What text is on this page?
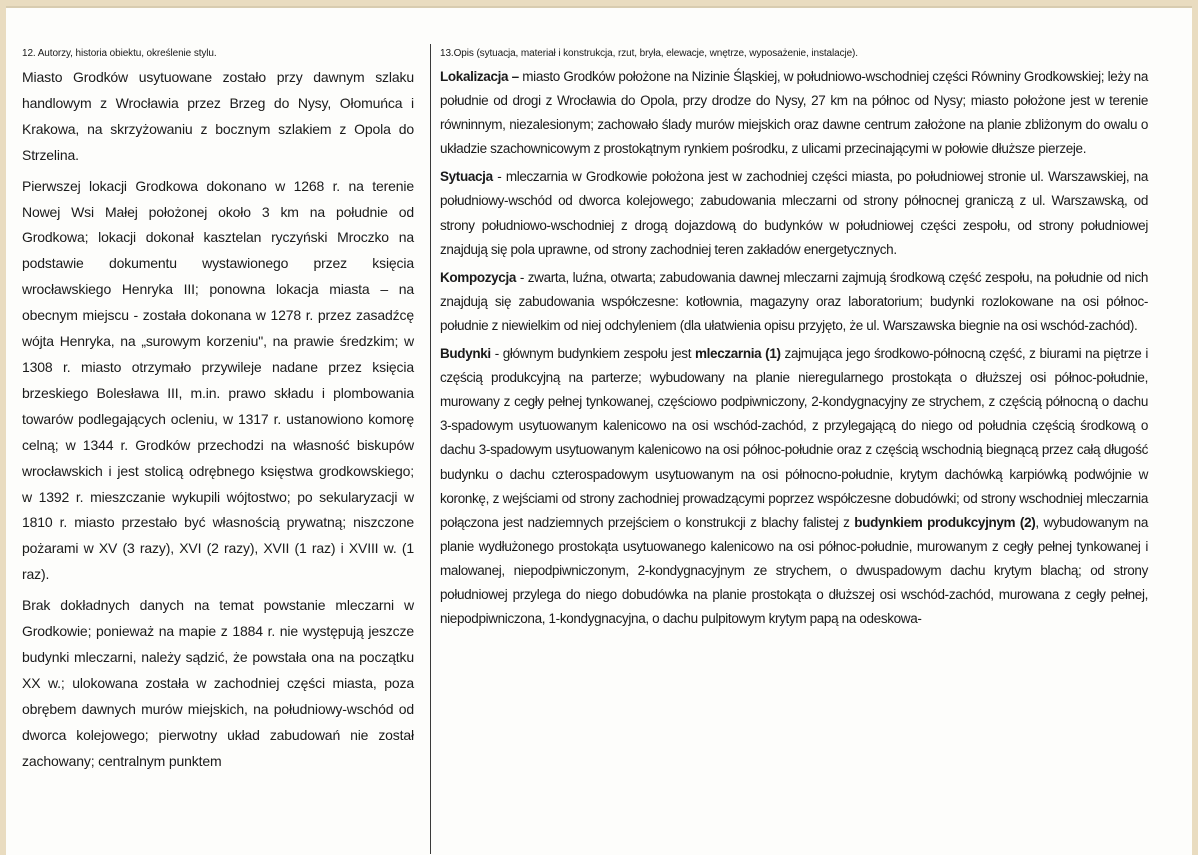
12. Autorzy, historia obiektu, określenie stylu.

Miasto Grodków usytuowane zostało przy dawnym szlaku handlowym z Wrocławia przez Brzeg do Nysy, Ołomuńca i Krakowa, na skrzyżowaniu z bocznym szlakiem z Opola do Strzelina.

Pierwszej lokacji Grodkowa dokonano w 1268 r. na terenie Nowej Wsi Małej położonej około 3 km na południe od Grodkowa; lokacji dokonał kasztelan ryczyński Mroczko na podstawie dokumentu wystawionego przez księcia wrocławskiego Henryka III; ponowna lokacja miasta – na obecnym miejscu - została dokonana w 1278 r. przez zasadźcę wójta Henryka, na „surowym korzeniu", na prawie średzkim; w 1308 r. miasto otrzymało przywileje nadane przez księcia brzeskiego Bolesława III, m.in. prawo składu i plombowania towarów podlegających ocleniu, w 1317 r. ustanowiono komorę celną; w 1344 r. Grodków przechodzi na własność biskupów wrocławskich i jest stolicą odrębnego księstwa grodkowskiego; w 1392 r. mieszczanie wykupili wójtostwo; po sekularyzacji w 1810 r. miasto przestało być własnością prywatną; niszczone pożarami w XV (3 razy), XVI (2 razy), XVII (1 raz) i XVIII w. (1 raz).

Brak dokładnych danych na temat powstanie mleczarni w Grodkowie; ponieważ na mapie z 1884 r. nie występują jeszcze budynki mleczarni, należy sądzić, że powstała ona na początku XX w.; ulokowana została w zachodniej części miasta, poza obrębem dawnych murów miejskich, na południowy-wschód od dworca kolejowego; pierwotny układ zabudowań nie został zachowany; centralnym punktem

13.Opis (sytuacja, materiał i konstrukcja, rzut, bryła, elewacje, wnętrze, wyposażenie, instalacje).

Lokalizacja – miasto Grodków położone na Nizinie Śląskiej, w południowo-wschodniej części Równiny Grodkowskiej; leży na południe od drogi z Wrocławia do Opola, przy drodze do Nysy, 27 km na północ od Nysy; miasto położone jest w terenie równinnym, niezalesionym; zachowało ślady murów miejskich oraz dawne centrum założone na planie zbliżonym do owalu o układzie szachownicowym z prostokątnym rynkiem pośrodku, z ulicami przecinającymi w połowie dłuższe pierzeje.

Sytuacja - mleczarnia w Grodkowie położona jest w zachodniej części miasta, po południowej stronie ul. Warszawskiej, na południowy-wschód od dworca kolejowego; zabudowania mleczarni od strony północnej graniczą z ul. Warszawską, od strony południowo-wschodniej z drogą dojazdową do budynków w południowej części zespołu, od strony południowej znajdują się pola uprawne, od strony zachodniej teren zakładów energetycznych.

Kompozycja - zwarta, luźna, otwarta; zabudowania dawnej mleczarni zajmują środkową część zespołu, na południe od nich znajdują się zabudowania współczesne: kotłownia, magazyny oraz laboratorium; budynki rozlokowane na osi północ-południe z niewielkim od niej odchyleniem (dla ułatwienia opisu przyjęto, że ul. Warszawska biegnie na osi wschód-zachód).

Budynki - głównym budynkiem zespołu jest mleczarnia (1) zajmująca jego środkowo-północną część, z biurami na piętrze i częścią produkcyjną na parterze; wybudowany na planie nieregularnego prostokąta o dłuższej osi północ-południe, murowany z cegły pełnej tynkowanej, częściowo podpiwniczony, 2-kondygnacyjny ze strychem, z częścią północną o dachu 3-spadowym usytuowanym kalenicowo na osi wschód-zachód, z przylegającą do niego od południa częścią środkową o dachu 3-spadowym usytuowanym kalenicowo na osi północ-południe oraz z częścią wschodnią biegnącą przez całą długość budynku o dachu czterospadowym usytuowanym na osi północno-południe, krytym dachówką karpiówką podwójnie w koronkę, z wejściami od strony zachodniej prowadzącymi poprzez współczesne dobudówki; od strony wschodniej mleczarnia połączona jest nadziemnych przejściem o konstrukcji z blachy falistej z budynkiem produkcyjnym (2), wybudowanym na planie wydłużonego prostokąta usytuowanego kalenicowo na osi północ-południe, murowanym z cegły pełnej tynkowanej i malowanej, niepodpiwniczonym, 2-kondygnacyjnym ze strychem, o dwuspadowym dachu krytym blachą; od strony południowej przylega do niego dobudówka na planie prostokąta o dłuższej osi wschód-zachód, murowana z cegły pełnej, niepodpiwniczona, 1-kondygnacyjna, o dachu pulpitowym krytym papą na odeskowa-
